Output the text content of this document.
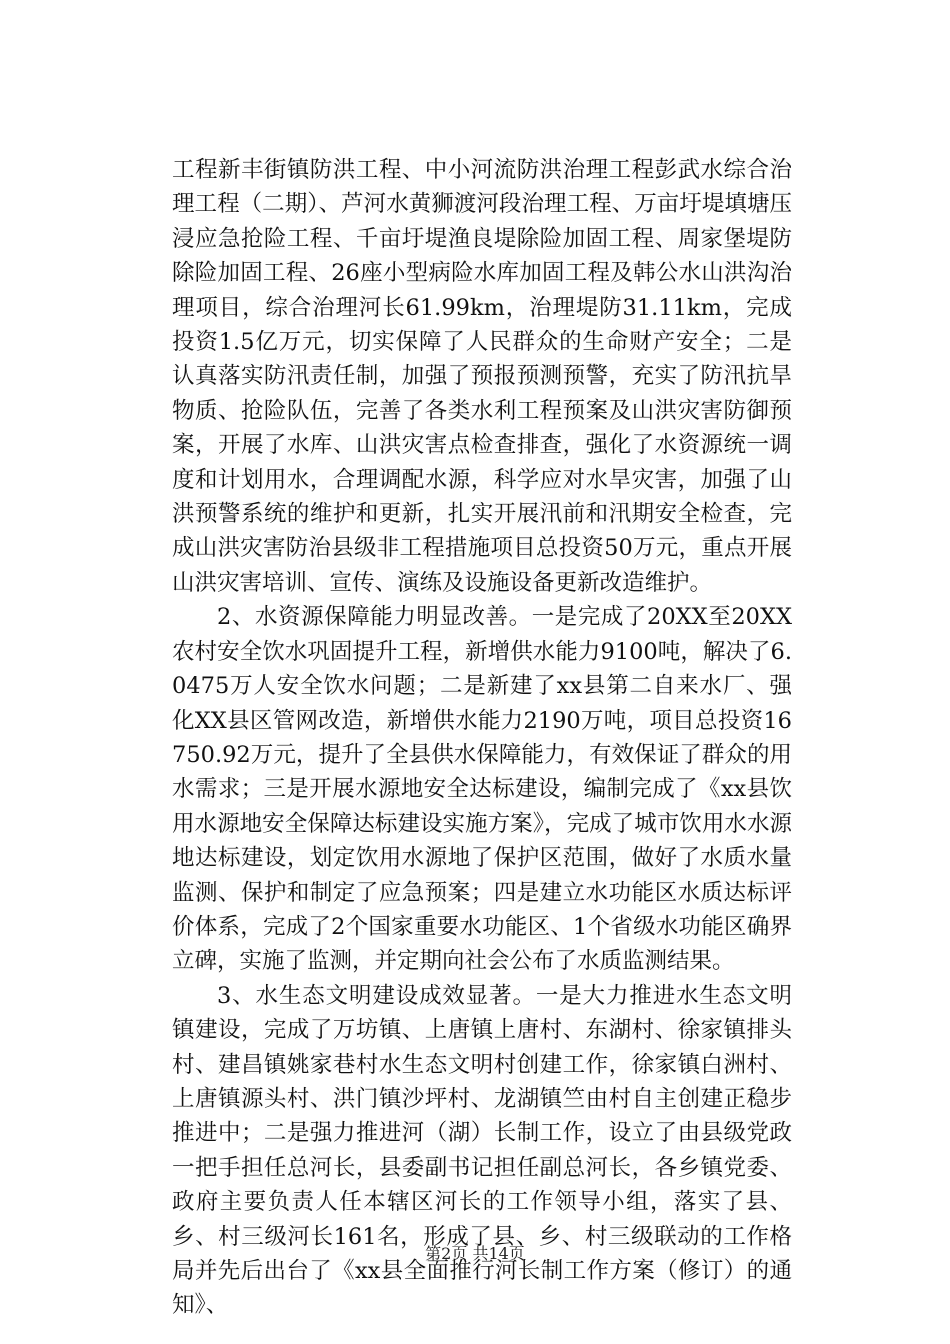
工程新丰街镇防洪工程、中小河流防洪治理工程彭武水综合治理工程（二期）、芦河水黄狮渡河段治理工程、万亩圩堤填塘压浸应急抢险工程、千亩圩堤渔良堤除险加固工程、周家堡堤防除险加固工程、26座小型病险水库加固工程及韩公水山洪沟治理项目，综合治理河长61.99km，治理堤防31.11km，完成投资1.5亿万元，切实保障了人民群众的生命财产安全；二是认真落实防汛责任制，加强了预报预测预警，充实了防汛抗旱物质、抢险队伍，完善了各类水利工程预案及山洪灾害防御预案，开展了水库、山洪灾害点检查排查，强化了水资源统一调度和计划用水，合理调配水源，科学应对水旱灾害，加强了山洪预警系统的维护和更新，扎实开展汛前和汛期安全检查，完成山洪灾害防治县级非工程措施项目总投资50万元，重点开展山洪灾害培训、宣传、演练及设施设备更新改造维护。

2、水资源保障能力明显改善。一是完成了20XX至20XX农村安全饮水巩固提升工程，新增供水能力9100吨，解决了6.0475万人安全饮水问题；二是新建了xx县第二自来水厂、强化XX县区管网改造，新增供水能力2190万吨，项目总投资16750.92万元，提升了全县供水保障能力，有效保证了群众的用水需求；三是开展水源地安全达标建设，编制完成了《xx县饮用水源地安全保障达标建设实施方案》，完成了城市饮用水水源地达标建设，划定饮用水源地了保护区范围，做好了水质水量监测、保护和制定了应急预案；四是建立水功能区水质达标评价体系，完成了2个国家重要水功能区、1个省级水功能区确界立碑，实施了监测，并定期向社会公布了水质监测结果。

3、水生态文明建设成效显著。一是大力推进水生态文明镇建设，完成了万坊镇、上唐镇上唐村、东湖村、徐家镇排头村、建昌镇姚家巷村水生态文明村创建工作，徐家镇白洲村、上唐镇源头村、洪门镇沙坪村、龙湖镇竺由村自主创建正稳步推进中；二是强力推进河（湖）长制工作，设立了由县级党政一把手担任总河长，县委副书记担任副总河长，各乡镇党委、政府主要负责人任本辖区河长的工作领导小组，落实了县、乡、村三级河长161名，形成了县、乡、村三级联动的工作格局并先后出台了《xx县全面推行河长制工作方案（修订）的通知》、

第2页 共14页
